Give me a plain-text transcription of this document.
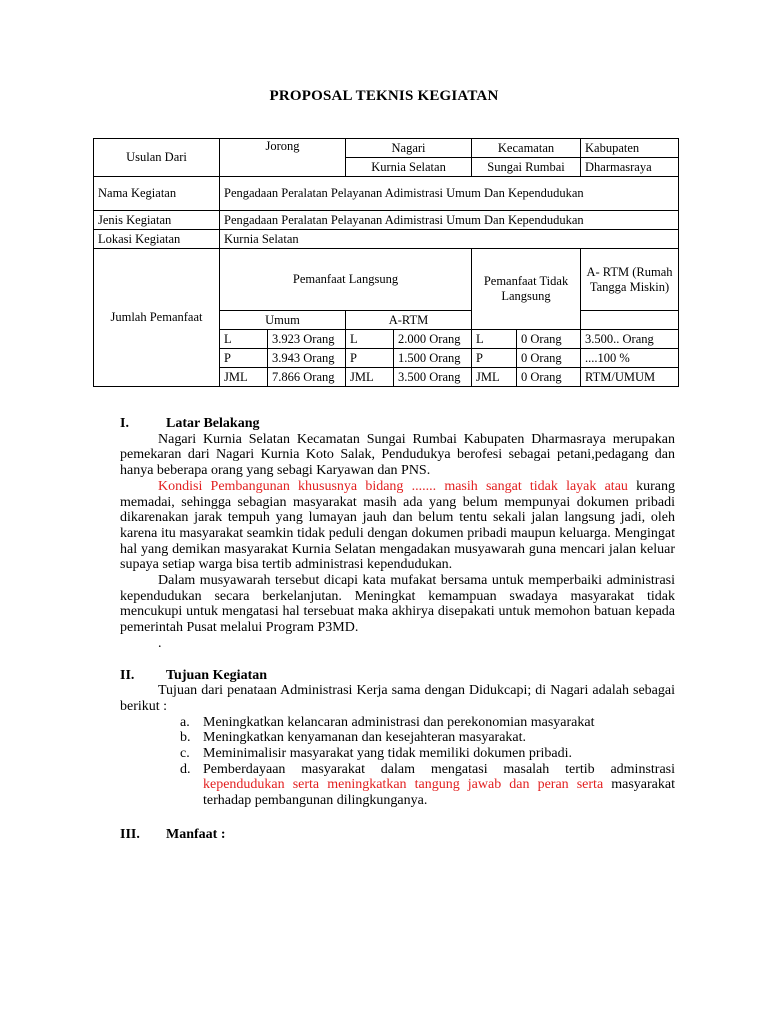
PROPOSAL TEKNIS KEGIATAN
Usulan Dari	Jorong		Nagari		Kecamatan		Kabupaten
			Kurnia Selatan		Sungai Rumbai		Dharmasraya
Nama Kegiatan	Pengadaan Peralatan Pelayanan Adimistrasi Umum Dan Kependudukan						
Jenis Kegiatan	Pengadaan Peralatan Pelayanan Adimistrasi Umum Dan Kependudukan						
Lokasi Kegiatan	Kurnia Selatan						
Jumlah Pemanfaat	Pemanfaat Langsung				Pemanfaat Tidak Langsung		A- RTM (Rumah Tangga Miskin)
	Umum		A-RTM				
	L	3.923 Orang	L	2.000 Orang	L	0 Orang	3.500.. Orang
	P	3.943 Orang	P	1.500 Orang	P	0 Orang	....100 %
	JML	7.866 Orang	JML	3.500 Orang	JML	0 Orang	RTM/UMUM
I.	Latar Belakang

Nagari Kurnia Selatan Kecamatan Sungai Rumbai Kabupaten Dharmasraya merupakan pemekaran dari Nagari Kurnia Koto Salak, Pendudukya berofesi sebagai petani,pedagang dan hanya beberapa orang yang sebagi Karyawan dan PNS.

Kondisi Pembangunan khususnya bidang ....... masih sangat tidak layak atau kurang memadai, sehingga sebagian masyarakat masih ada yang belum mempunyai dokumen pribadi dikarenakan jarak tempuh yang lumayan jauh dan belum tentu sekali jalan langsung jadi, oleh karena itu masyarakat seamkin tidak peduli dengan dokumen pribadi maupun keluarga. Mengingat hal yang demikan masyarakat Kurnia Selatan mengadakan musyawarah guna mencari jalan keluar supaya setiap warga bisa tertib administrasi kependudukan.

Dalam musyawarah tersebut dicapi kata mufakat bersama untuk memperbaiki administrasi kependudukan secara berkelanjutan. Meningkat kemampuan swadaya masyarakat tidak mencukupi untuk mengatasi hal tersebuat maka akhirya disepakati untuk memohon batuan kepada pemerintah Pusat melalui Program P3MD.

.
II.	Tujuan Kegiatan

Tujuan dari penataan Administrasi Kerja sama dengan Didukcapi; di Nagari adalah sebagai berikut :

a. Meningkatkan kelancaran administrasi dan perekonomian masyarakat
b. Meningkatkan kenyamanan dan kesejahteran masyarakat.
c. Meminimalisir masyarakat yang tidak memiliki dokumen pribadi.
d. Pemberdayaan masyarakat dalam mengatasi masalah tertib adminstrasi kependudukan serta meningkatkan tangung jawab dan peran serta masyarakat terhadap pembangunan dilingkunganya.
III.	Manfaat :
